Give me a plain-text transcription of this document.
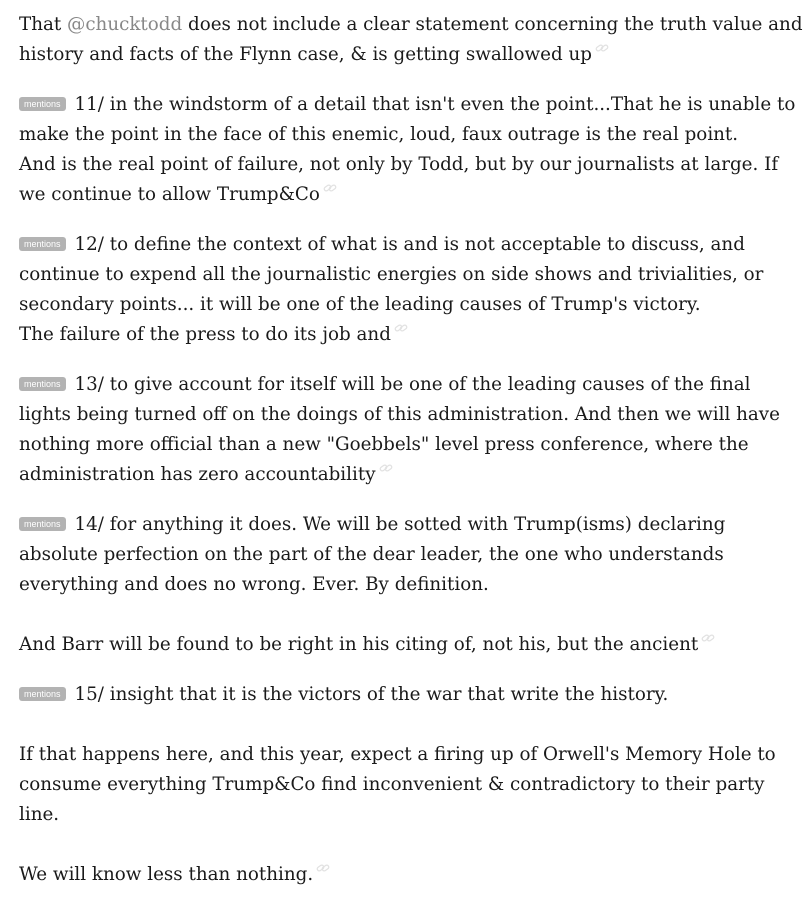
That @chucktodd does not include a clear statement concerning the truth value and
history and facts of the Flynn case, & is getting swallowed up
mentions 11/ in the windstorm of a detail that isn't even the point...That he is unable to
make the point in the face of this enemic, loud, faux outrage is the real point.
And is the real point of failure, not only by Todd, but by our journalists at large. If
we continue to allow Trump&Co
mentions 12/ to define the context of what is and is not acceptable to discuss, and
continue to expend all the journalistic energies on side shows and trivialities, or
secondary points... it will be one of the leading causes of Trump's victory.
The failure of the press to do its job and
mentions 13/ to give account for itself will be one of the leading causes of the final
lights being turned off on the doings of this administration. And then we will have
nothing more official than a new "Goebbels" level press conference, where the
administration has zero accountability
mentions 14/ for anything it does. We will be sotted with Trump(isms) declaring
absolute perfection on the part of the dear leader, the one who understands
everything and does no wrong. Ever. By definition.
And Barr will be found to be right in his citing of, not his, but the ancient
mentions 15/ insight that it is the victors of the war that write the history.
If that happens here, and this year, expect a firing up of Orwell's Memory Hole to
consume everything Trump&Co find inconvenient & contradictory to their party
line.
We will know less than nothing.
